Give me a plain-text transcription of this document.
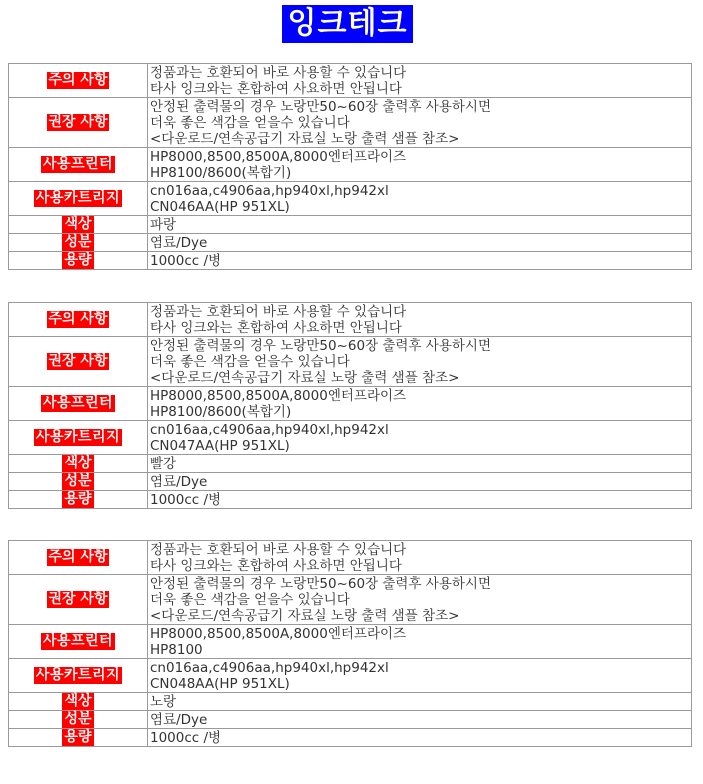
잉크테크
주의 사항	정품과는 호환되어 바로 사용할 수 있습니다
타사 잉크와는 혼합하여 사요하면 안됩니다

권장 사항	안정된 출력물의 경우 노랑만50~60장 출력후 사용하시면
더욱 좋은 색감을 얻을수 있습니다
<다운로드/연속공급기 자료실 노랑 출력 샘플 참조>

사용프린터	HP8000,8500,8500A,8000엔터프라이즈
HP8100/8600(복합기)

사용카트리지	cn016aa,c4906aa,hp940xl,hp942xl
CN046AA(HP 951XL)

색상	파랑
성분	염료/Dye
용량	1000cc /병
주의 사항	정품과는 호환되어 바로 사용할 수 있습니다
타사 잉크와는 혼합하여 사요하면 안됩니다

권장 사항	안정된 출력물의 경우 노랑만50~60장 출력후 사용하시면
더욱 좋은 색감을 얻을수 있습니다
<다운로드/연속공급기 자료실 노랑 출력 샘플 참조>

사용프린터	HP8000,8500,8500A,8000엔터프라이즈
HP8100/8600(복합기)

사용카트리지	cn016aa,c4906aa,hp940xl,hp942xl
CN047AA(HP 951XL)

색상	빨강
성분	염료/Dye
용량	1000cc /병
주의 사항	정품과는 호환되어 바로 사용할 수 있습니다
타사 잉크와는 혼합하여 사요하면 안됩니다

권장 사항	안정된 출력물의 경우 노랑만50~60장 출력후 사용하시면
더욱 좋은 색감을 얻을수 있습니다
<다운로드/연속공급기 자료실 노랑 출력 샘플 참조>

사용프린터	HP8000,8500,8500A,8000엔터프라이즈
HP8100

사용카트리지	cn016aa,c4906aa,hp940xl,hp942xl
CN048AA(HP 951XL)

색상	노랑
성분	염료/Dye
용량	1000cc /병
